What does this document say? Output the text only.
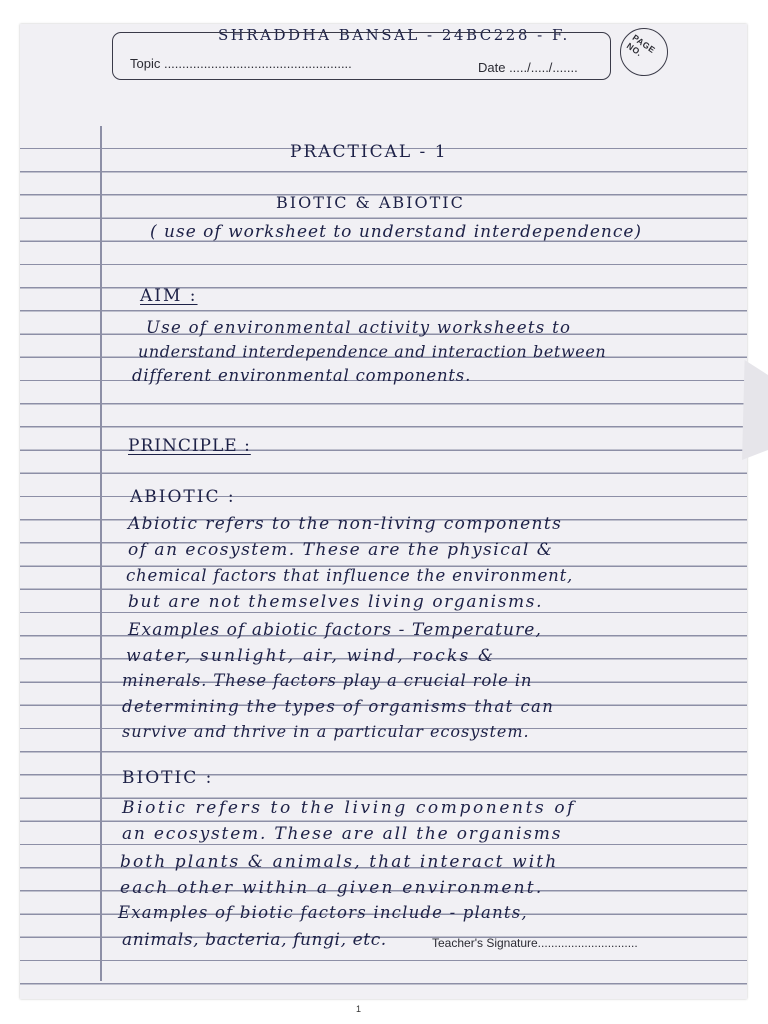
SHRADDHA BANSAL - 24BC228 - F.
Topic ....................................................	Date ...../...../.......
PAGE NO.
PRACTICAL - 1
BIOTIC & ABIOTIC
( use of worksheet to understand interdependence)
AIM :
Use of environmental activity worksheets to
understand interdependence and interaction between
different environmental components.
PRINCIPLE :
ABIOTIC :
Abiotic refers to the non-living components
of an ecosystem. These are the physical &
chemical factors that influence the environment,
but are not themselves living organisms.
Examples of abiotic factors - Temperature,
water, sunlight, air, wind, rocks &
minerals. These factors play a crucial role in
determining the types of organisms that can
survive and thrive in a particular ecosystem.
BIOTIC :
Biotic refers to the living components of
an ecosystem. These are all the organisms
both plants & animals, that interact with
each other within a given environment.
Examples of biotic factors include - plants,
animals, bacteria, fungi, etc.	Teacher's Signature..............................
1
